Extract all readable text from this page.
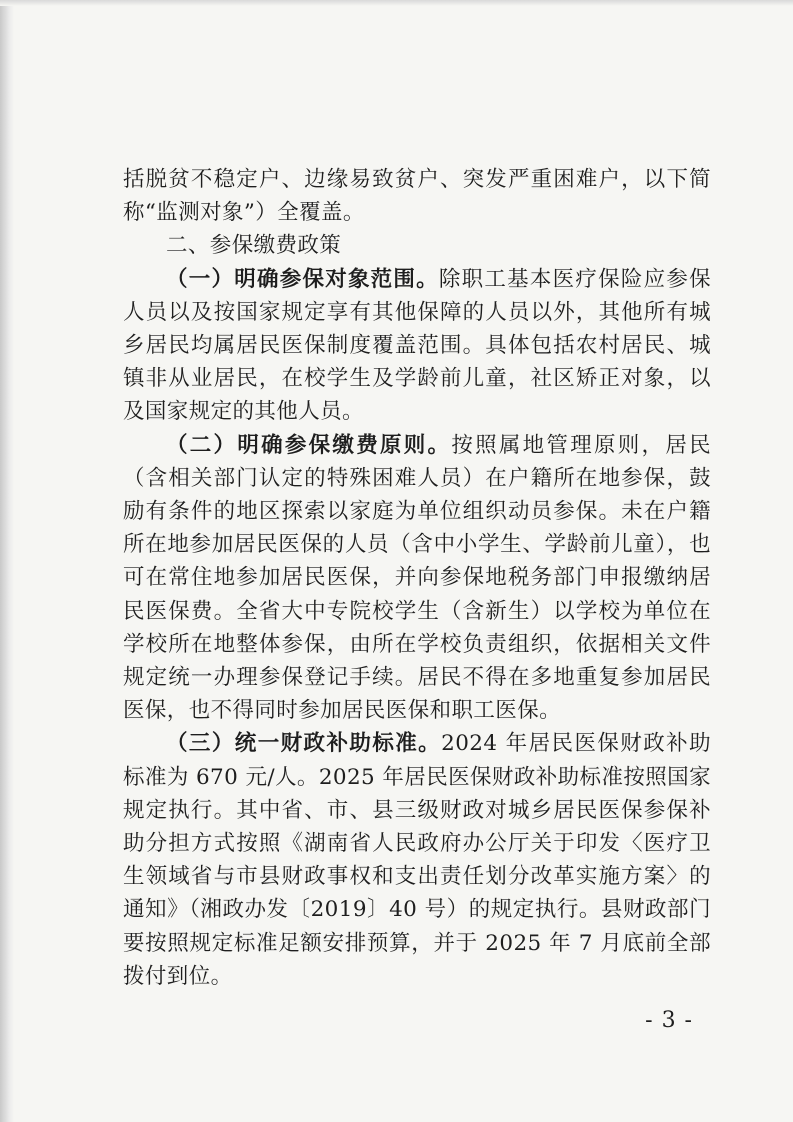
括脱贫不稳定户、边缘易致贫户、突发严重困难户，以下简称“监测对象”）全覆盖。

二、参保缴费政策

（一）明确参保对象范围。除职工基本医疗保险应参保人员以及按国家规定享有其他保障的人员以外，其他所有城乡居民均属居民医保制度覆盖范围。具体包括农村居民、城镇非从业居民，在校学生及学龄前儿童，社区矫正对象，以及国家规定的其他人员。

（二）明确参保缴费原则。按照属地管理原则，居民（含相关部门认定的特殊困难人员）在户籍所在地参保，鼓励有条件的地区探索以家庭为单位组织动员参保。未在户籍所在地参加居民医保的人员（含中小学生、学龄前儿童），也可在常住地参加居民医保，并向参保地税务部门申报缴纳居民医保费。全省大中专院校学生（含新生）以学校为单位在学校所在地整体参保，由所在学校负责组织，依据相关文件规定统一办理参保登记手续。居民不得在多地重复参加居民医保，也不得同时参加居民医保和职工医保。

（三）统一财政补助标准。2024 年居民医保财政补助标准为 670 元/人。2025 年居民医保财政补助标准按照国家规定执行。其中省、市、县三级财政对城乡居民医保参保补助分担方式按照《湖南省人民政府办公厅关于印发〈医疗卫生领域省与市县财政事权和支出责任划分改革实施方案〉的通知》（湘政办发〔2019〕40 号）的规定执行。县财政部门要按照规定标准足额安排预算，并于 2025 年 7 月底前全部拨付到位。

- 3 -
